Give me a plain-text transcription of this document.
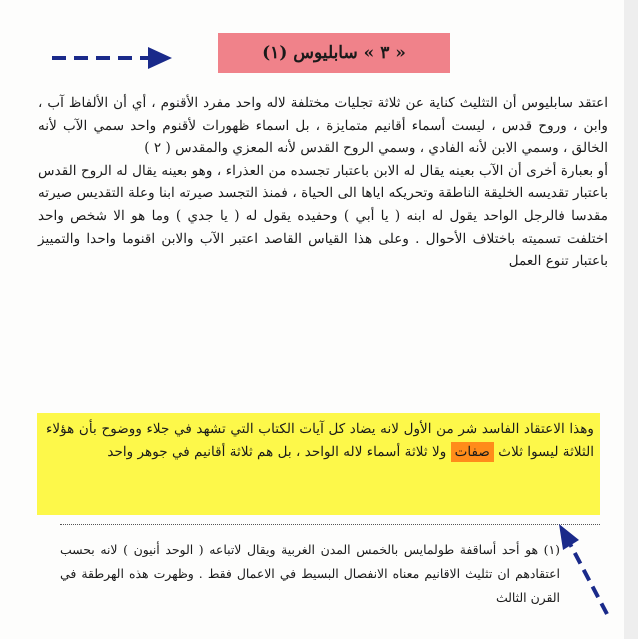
« ٣ » سابليوس (١)

اعتقد سابليوس أن التثليث كناية عن ثلاثة تجليات مختلفة لاله واحد مفرد الأقنوم ، أي أن الألفاظ آب ، وابن ، وروح قدس ، ليست أسماء أقانيم متمايزة ، بل اسماء ظهورات لأقنوم واحد سمي الآب لأنه الخالق ، وسمي الابن لأنه الفادي ، وسمي الروح القدس لأنه المعزي والمقدس ( ٢ )

أو بعبارة أخرى أن الآب بعينه يقال له الابن باعتبار تجسده من العذراء ، وهو بعينه يقال له الروح القدس باعتبار تقديسه الخليقة الناطقة وتحريكه اياها الى الحياة ، فمنذ التجسد صيرته ابنا وعلة التقديس صيرته مقدسا فالرجل الواحد يقول له ابنه ( يا أبي ) وحفيده يقول له ( يا جدي ) وما هو الا شخص واحد اختلفت تسميته باختلاف الأحوال . وعلى هذا القياس القاصد اعتبر الآب والابن اقنوما واحدا والتمييز باعتبار تنوع العمل

وهذا الاعتقاد الفاسد شر من الأول لانه يضاد كل آيات الكتاب التي تشهد في جلاء ووضوح بأن هؤلاء الثلاثة ليسوا ثلاث صفات ولا ثلاثة أسماء لاله الواحد ، بل هم ثلاثة أقانيم في جوهر واحد
(١) هو أحد أساقفة طولمايس بالخمس المدن الغربية ويقال لاتباعه ( الوحد أنيون ) لانه بحسب اعتقادهم ان تثليث الاقانيم معناه الانفصال البسيط في الاعمال فقط . وظهرت هذه الهرطقة في القرن الثالث
